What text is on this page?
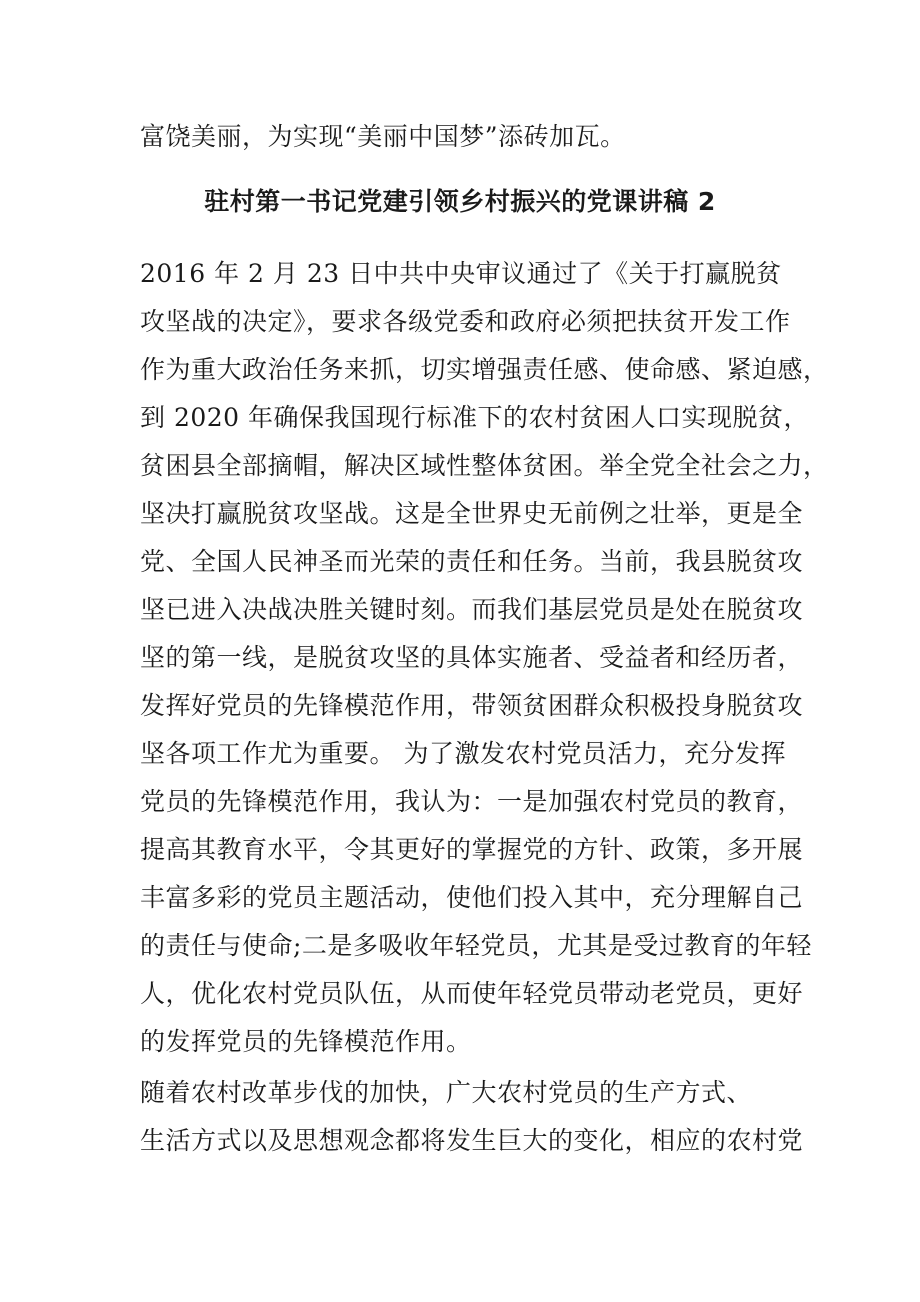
富饶美丽，为实现“美丽中国梦”添砖加瓦。
驻村第一书记党建引领乡村振兴的党课讲稿 2
2016 年 2 月 23 日中共中央审议通过了《关于打赢脱贫
攻坚战的决定》，要求各级党委和政府必须把扶贫开发工作
作为重大政治任务来抓，切实增强责任感、使命感、紧迫感，
到 2020 年确保我国现行标准下的农村贫困人口实现脱贫，
贫困县全部摘帽，解决区域性整体贫困。举全党全社会之力，
坚决打赢脱贫攻坚战。这是全世界史无前例之壮举，更是全
党、全国人民神圣而光荣的责任和任务。当前，我县脱贫攻
坚已进入决战决胜关键时刻。而我们基层党员是处在脱贫攻
坚的第一线，是脱贫攻坚的具体实施者、受益者和经历者，
发挥好党员的先锋模范作用，带领贫困群众积极投身脱贫攻
坚各项工作尤为重要。 为了激发农村党员活力，充分发挥
党员的先锋模范作用，我认为：一是加强农村党员的教育，
提高其教育水平，令其更好的掌握党的方针、政策，多开展
丰富多彩的党员主题活动，使他们投入其中，充分理解自己
的责任与使命;二是多吸收年轻党员，尤其是受过教育的年轻
人，优化农村党员队伍，从而使年轻党员带动老党员，更好
的发挥党员的先锋模范作用。
随着农村改革步伐的加快，广大农村党员的生产方式、
生活方式以及思想观念都将发生巨大的变化，相应的农村党
